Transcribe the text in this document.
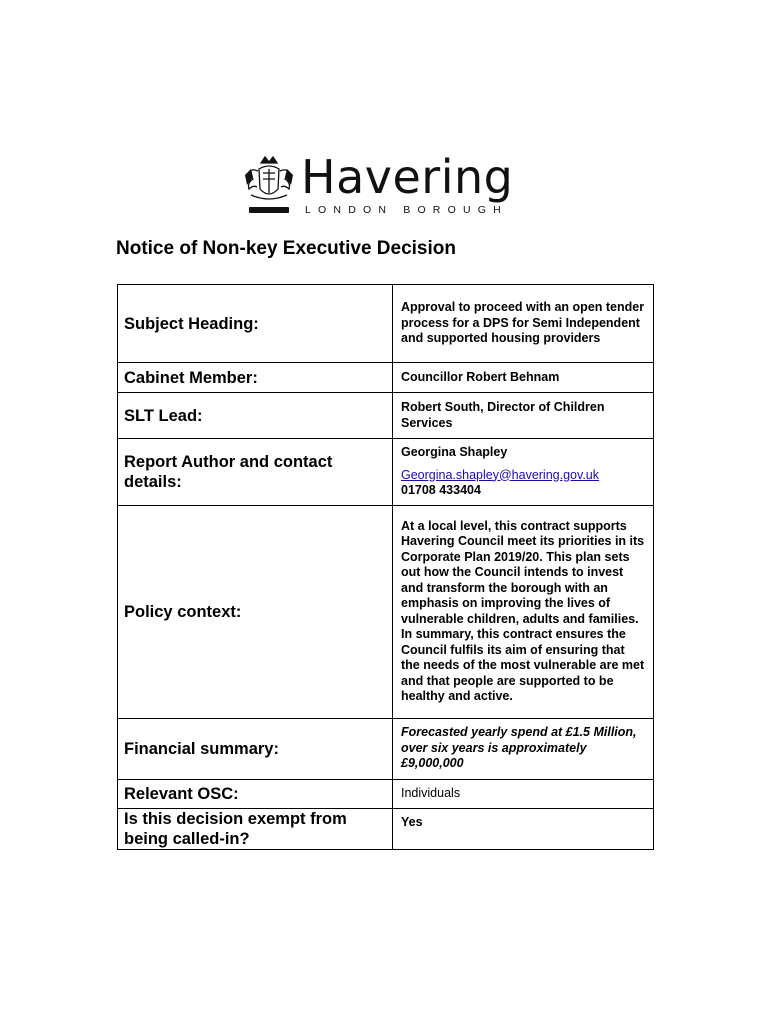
Havering
LONDON BOROUGH
Notice of Non-key Executive Decision
Subject Heading:	Approval to proceed with an open tender process for a DPS for Semi Independent and supported housing providers
Cabinet Member:	Councillor Robert Behnam
SLT Lead:	Robert South, Director of Children Services
Report Author and contact details:	Georgina Shapley
Georgina.shapley@havering.gov.uk
01708 433404

Policy context:	At a local level, this contract supports Havering Council meet its priorities in its Corporate Plan 2019/20. This plan sets out how the Council intends to invest and transform the borough with an emphasis on improving the lives of vulnerable children, adults and families. In summary, this contract ensures the Council fulfils its aim of ensuring that the needs of the most vulnerable are met and that people are supported to be healthy and active.
Financial summary:	Forecasted yearly spend at £1.5 Million, over six years is approximately £9,000,000
Relevant OSC:	Individuals
Is this decision exempt from being called-in?	Yes
